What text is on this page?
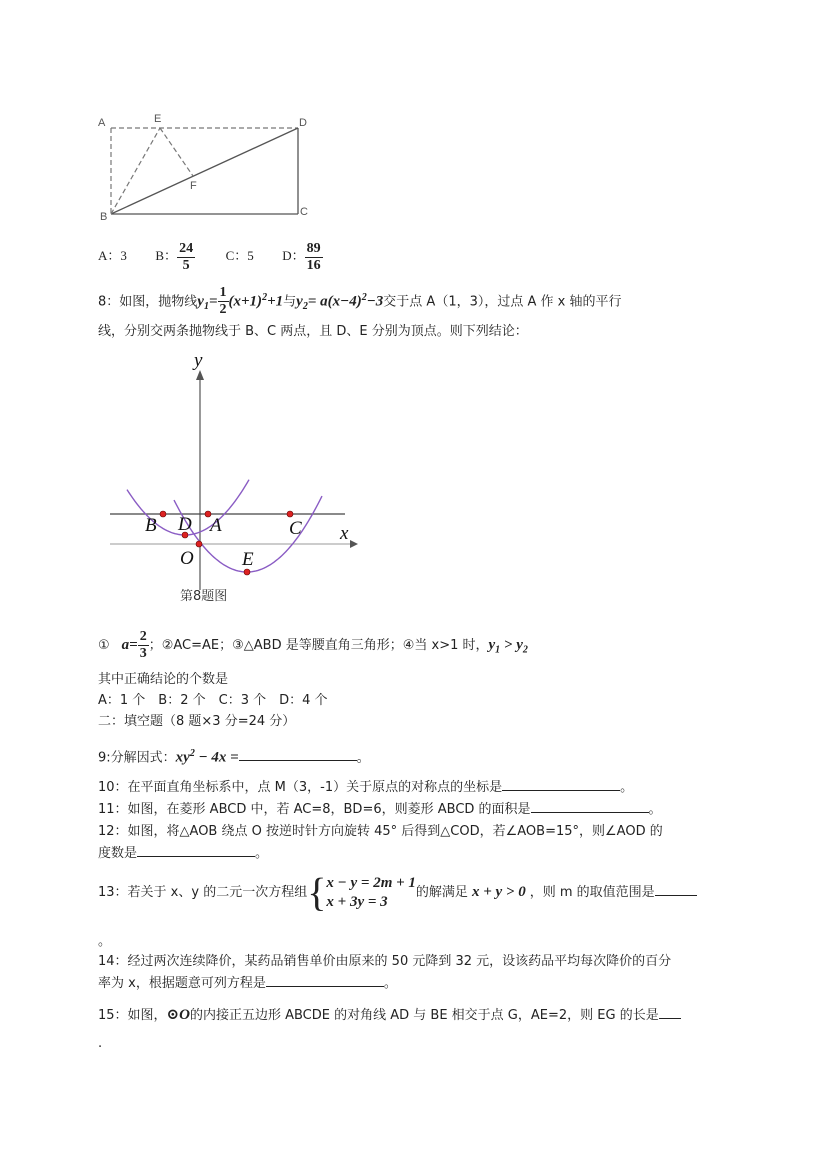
A	E	D
F
B	C
A：3 B： $\frac{24}{5}$ C：5 D： $\frac{89}{16}$
8：如图，抛物线$y_1= \frac{1}{2} (x+1)^2+1$与$y_2= a(x-4)^2-3$交于点 A（1，3），过点 A 作 x 轴的平行
线，分别交两条抛物线于 B、C 两点，且 D、E 分别为顶点。则下列结论：
y
x
B D A	C
O	E
第8题图
① $a= \frac{2}{3}$ ；②AC=AE；③△ABD 是等腰直角三角形；④当 x>1 时，$y_1 > y_2$
其中正确结论的个数是
A：1 个　B：2 个　C：3 个　D：4 个
二：填空题（8 题×3 分=24 分）
9:分解因式：$xy^2 - 4x$ =	。
10：在平面直角坐标系中，点 M（3，-1）关于原点的对称点的坐标是	。
11：如图，在菱形 ABCD 中，若 AC=8，BD=6，则菱形 ABCD 的面积是	。
12：如图，将△AOB 绕点 O 按逆时针方向旋转 45° 后得到△COD，若∠AOB=15°，则∠AOD 的
度数是	。
13：若关于 x、y 的二元一次方程组{ x − y = 2m + 1
x + 3y = 3
的解满足 x + y > 0 ，则 m 的取值范围是
。
14：经过两次连续降价，某药品销售单价由原来的 50 元降到 32 元，设该药品平均每次降价的百分
率为 x，根据题意可列方程是	。
15：如图，⊙O的内接正五边形 ABCDE 的对角线 AD 与 BE 相交于点 G，AE=2，则 EG 的长是
.
